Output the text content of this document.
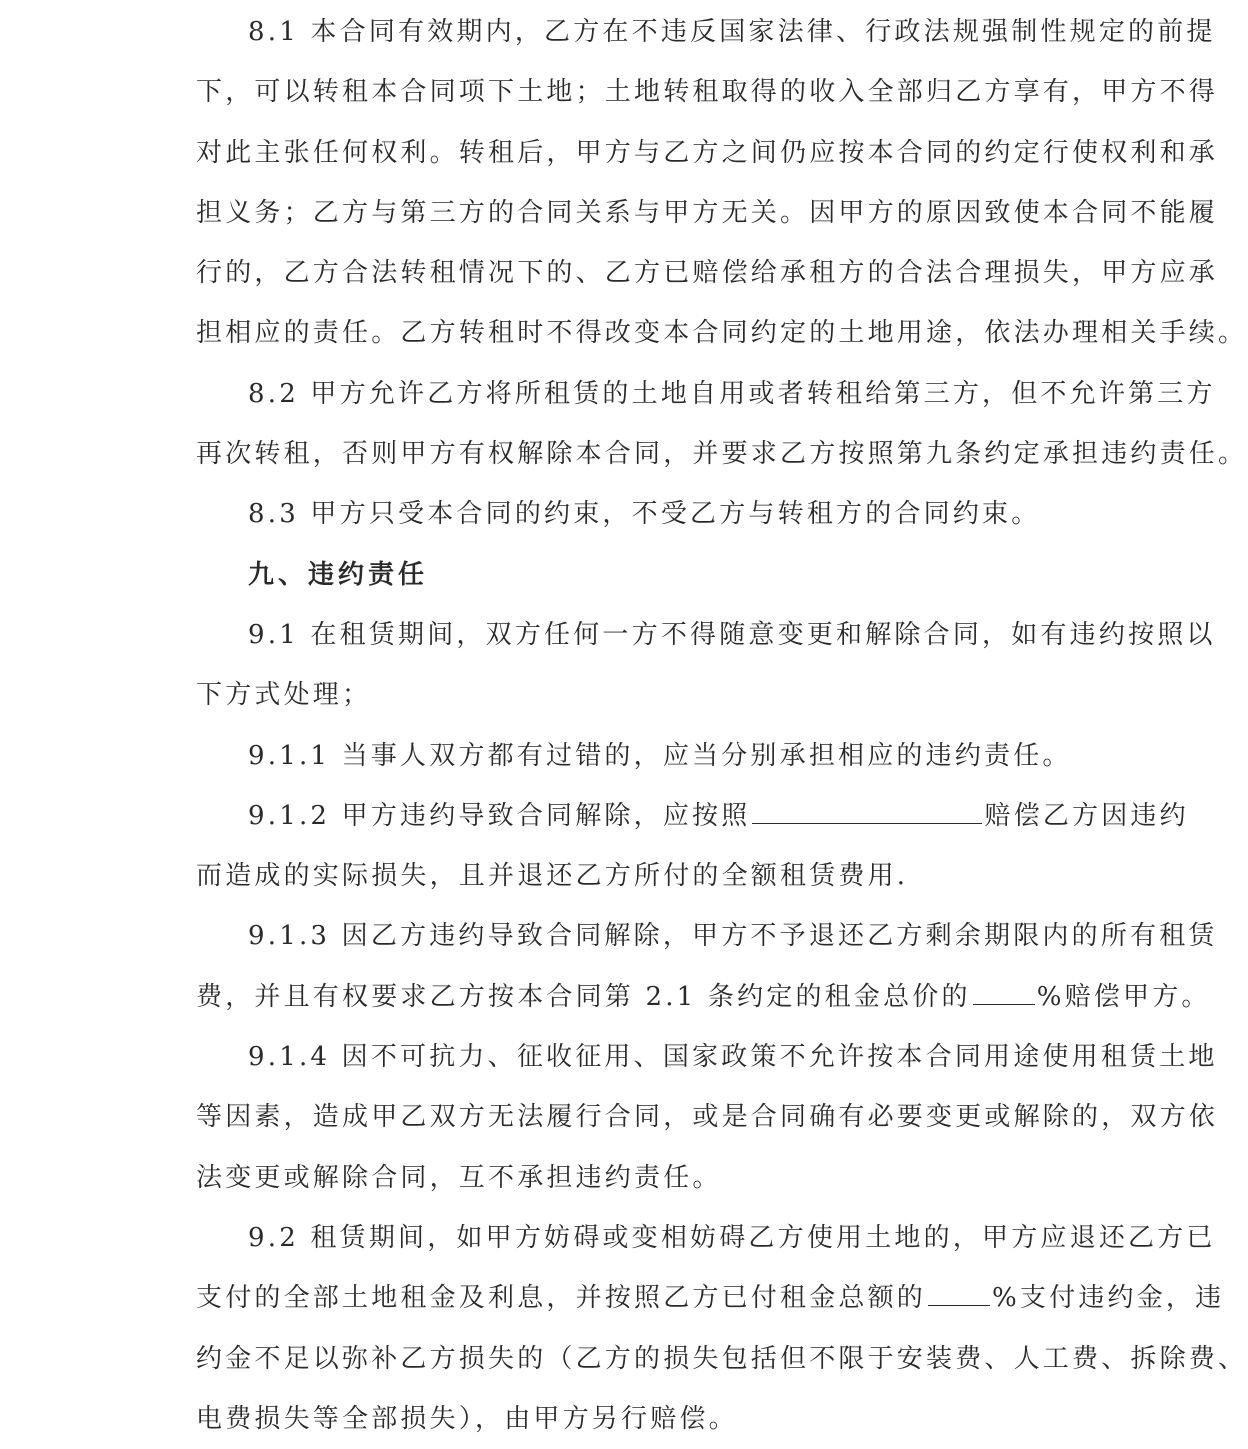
8.1 本合同有效期内，乙方在不违反国家法律、行政法规强制性规定的前提
下，可以转租本合同项下土地；土地转租取得的收入全部归乙方享有，甲方不得
对此主张任何权利。转租后，甲方与乙方之间仍应按本合同的约定行使权利和承
担义务；乙方与第三方的合同关系与甲方无关。因甲方的原因致使本合同不能履
行的，乙方合法转租情况下的、乙方已赔偿给承租方的合法合理损失，甲方应承
担相应的责任。乙方转租时不得改变本合同约定的土地用途，依法办理相关手续。
8.2 甲方允许乙方将所租赁的土地自用或者转租给第三方，但不允许第三方
再次转租，否则甲方有权解除本合同，并要求乙方按照第九条约定承担违约责任。
8.3 甲方只受本合同的约束，不受乙方与转租方的合同约束。
九、违约责任
9.1 在租赁期间，双方任何一方不得随意变更和解除合同，如有违约按照以
下方式处理；
9.1.1 当事人双方都有过错的，应当分别承担相应的违约责任。
9.1.2 甲方违约导致合同解除，应按照	赔偿乙方因违约
而造成的实际损失，且并退还乙方所付的全额租赁费用.
9.1.3 因乙方违约导致合同解除，甲方不予退还乙方剩余期限内的所有租赁
费，并且有权要求乙方按本合同第 2.1 条约定的租金总价的	%赔偿甲方。
9.1.4 因不可抗力、征收征用、国家政策不允许按本合同用途使用租赁土地
等因素，造成甲乙双方无法履行合同，或是合同确有必要变更或解除的，双方依
法变更或解除合同，互不承担违约责任。
9.2 租赁期间，如甲方妨碍或变相妨碍乙方使用土地的，甲方应退还乙方已
支付的全部土地租金及利息，并按照乙方已付租金总额的	%支付违约金，违
约金不足以弥补乙方损失的（乙方的损失包括但不限于安装费、人工费、拆除费、
电费损失等全部损失），由甲方另行赔偿。
